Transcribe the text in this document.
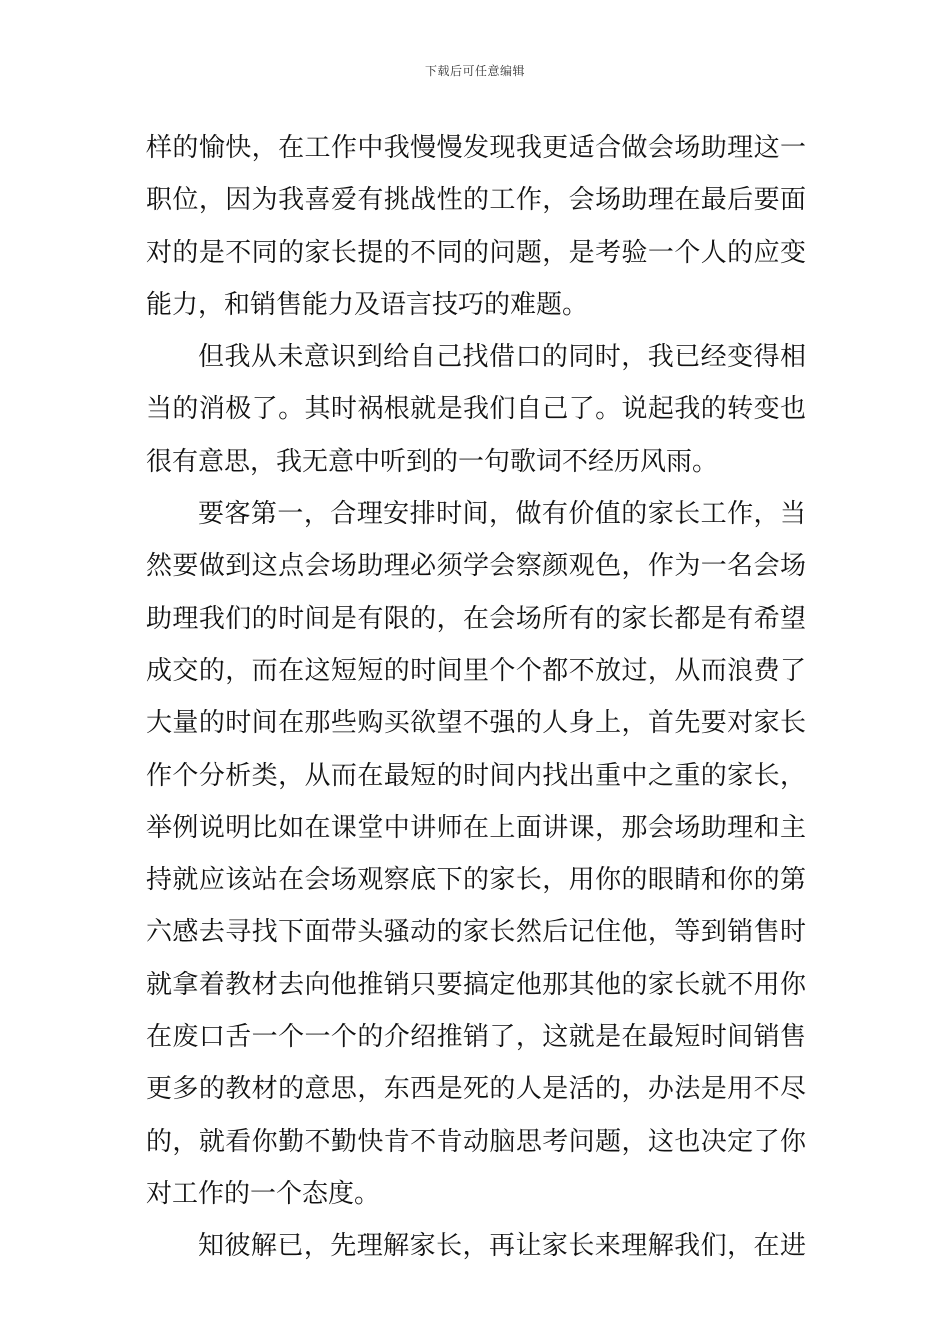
下载后可任意编辑
样的愉快，在工作中我慢慢发现我更适合做会场助理这一
职位，因为我喜爱有挑战性的工作，会场助理在最后要面
对的是不同的家长提的不同的问题，是考验一个人的应变
能力，和销售能力及语言技巧的难题。
但我从未意识到给自己找借口的同时，我已经变得相
当的消极了。其时祸根就是我们自己了。说起我的转变也
很有意思，我无意中听到的一句歌词不经历风雨。
要客第一，合理安排时间，做有价值的家长工作，当
然要做到这点会场助理必须学会察颜观色，作为一名会场
助理我们的时间是有限的，在会场所有的家长都是有希望
成交的，而在这短短的时间里个个都不放过，从而浪费了
大量的时间在那些购买欲望不强的人身上，首先要对家长
作个分析类，从而在最短的时间内找出重中之重的家长，
举例说明比如在课堂中讲师在上面讲课，那会场助理和主
持就应该站在会场观察底下的家长，用你的眼睛和你的第
六感去寻找下面带头骚动的家长然后记住他，等到销售时
就拿着教材去向他推销只要搞定他那其他的家长就不用你
在废口舌一个一个的介绍推销了，这就是在最短时间销售
更多的教材的意思，东西是死的人是活的，办法是用不尽
的，就看你勤不勤快肯不肯动脑思考问题，这也决定了你
对工作的一个态度。
知彼解已，先理解家长，再让家长来理解我们，在进
